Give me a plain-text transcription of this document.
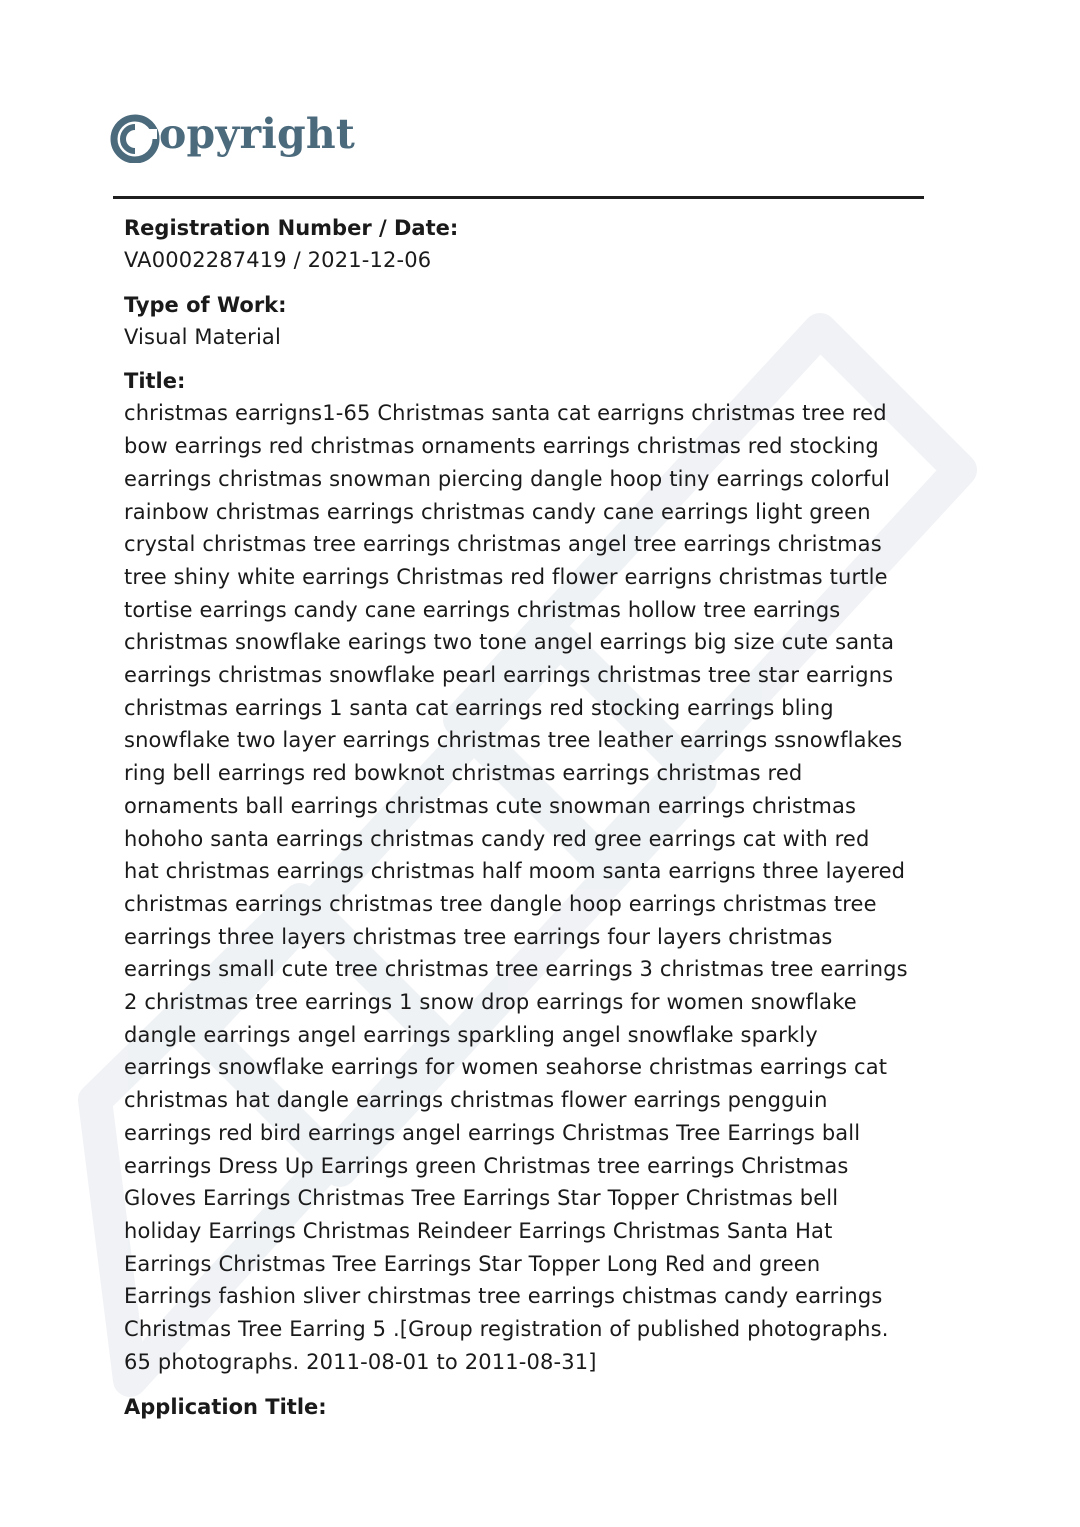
opyright
Registration Number / Date:
VA0002287419 / 2021-12-06
Type of Work:
Visual Material
Title:
christmas earrigns1-65 Christmas santa cat earrigns christmas tree red
bow earrings red christmas ornaments earrings christmas red stocking
earrings christmas snowman piercing dangle hoop tiny earrings colorful
rainbow christmas earrings christmas candy cane earrings light green
crystal christmas tree earrings christmas angel tree earrings christmas
tree shiny white earrings Christmas red flower earrigns christmas turtle
tortise earrings candy cane earrings christmas hollow tree earrings
christmas snowflake earings two tone angel earrings big size cute santa
earrings christmas snowflake pearl earrings christmas tree star earrigns
christmas earrings 1 santa cat earrings red stocking earrings bling
snowflake two layer earrings christmas tree leather earrings ssnowflakes
ring bell earrings red bowknot christmas earrings christmas red
ornaments ball earrings christmas cute snowman earrings christmas
hohoho santa earrings christmas candy red gree earrings cat with red
hat christmas earrings christmas half moom santa earrigns three layered
christmas earrings christmas tree dangle hoop earrings christmas tree
earrings three layers christmas tree earrings four layers christmas
earrings small cute tree christmas tree earrings 3 christmas tree earrings
2 christmas tree earrings 1 snow drop earrings for women snowflake
dangle earrings angel earrings sparkling angel snowflake sparkly
earrings snowflake earrings for women seahorse christmas earrings cat
christmas hat dangle earrings christmas flower earrings pengguin
earrings red bird earrings angel earrings Christmas Tree Earrings ball
earrings Dress Up Earrings green Christmas tree earrings Christmas
Gloves Earrings Christmas Tree Earrings Star Topper Christmas bell
holiday Earrings Christmas Reindeer Earrings Christmas Santa Hat
Earrings Christmas Tree Earrings Star Topper Long Red and green
Earrings fashion sliver chirstmas tree earrings chistmas candy earrings
Christmas Tree Earring 5 .[Group registration of published photographs.
65 photographs. 2011-08-01 to 2011-08-31]
Application Title:
